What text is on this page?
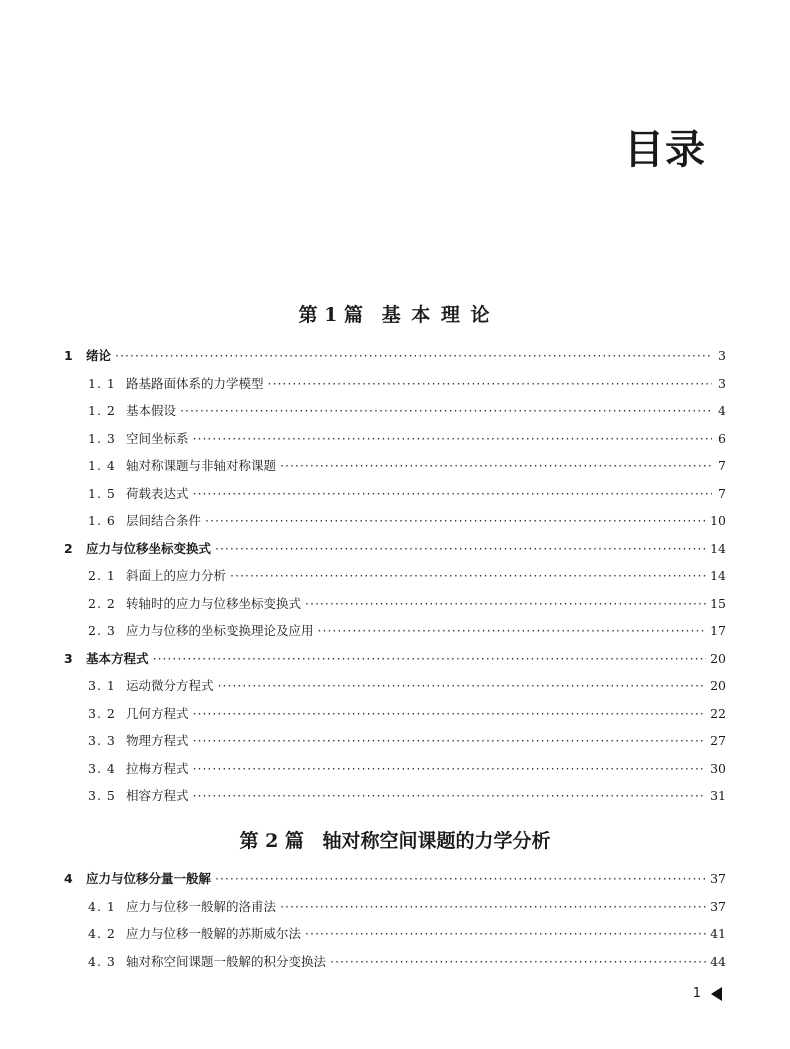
目录
第 1 篇 基 本 理 论
1	绪论 ·····	3
1. 1 路基路面体系的力学模型 ·····	3
1. 2 基本假设 ·····	4
1. 3 空间坐标系 ·····	6
1. 4 轴对称课题与非轴对称课题 ·····	7
1. 5 荷载表达式 ·····	7
1. 6 层间结合条件 ·····	10
2	应力与位移坐标变换式 ·····	14
2. 1 斜面上的应力分析 ·····	14
2. 2 转轴时的应力与位移坐标变换式 ·····	15
2. 3 应力与位移的坐标变换理论及应用 ·····	17
3	基本方程式 ·····	20
3. 1 运动微分方程式 ·····	20
3. 2 几何方程式 ·····	22
3. 3 物理方程式 ·····	27
3. 4 拉梅方程式 ·····	30
3. 5 相容方程式 ·····	31
第 2 篇 轴对称空间课题的力学分析
4	应力与位移分量一般解 ·····	37
4. 1 应力与位移一般解的洛甫法 ·····	37
4. 2 应力与位移一般解的苏斯威尔法 ·····	41
4. 3 轴对称空间课题一般解的积分变换法 ·····	44
1
